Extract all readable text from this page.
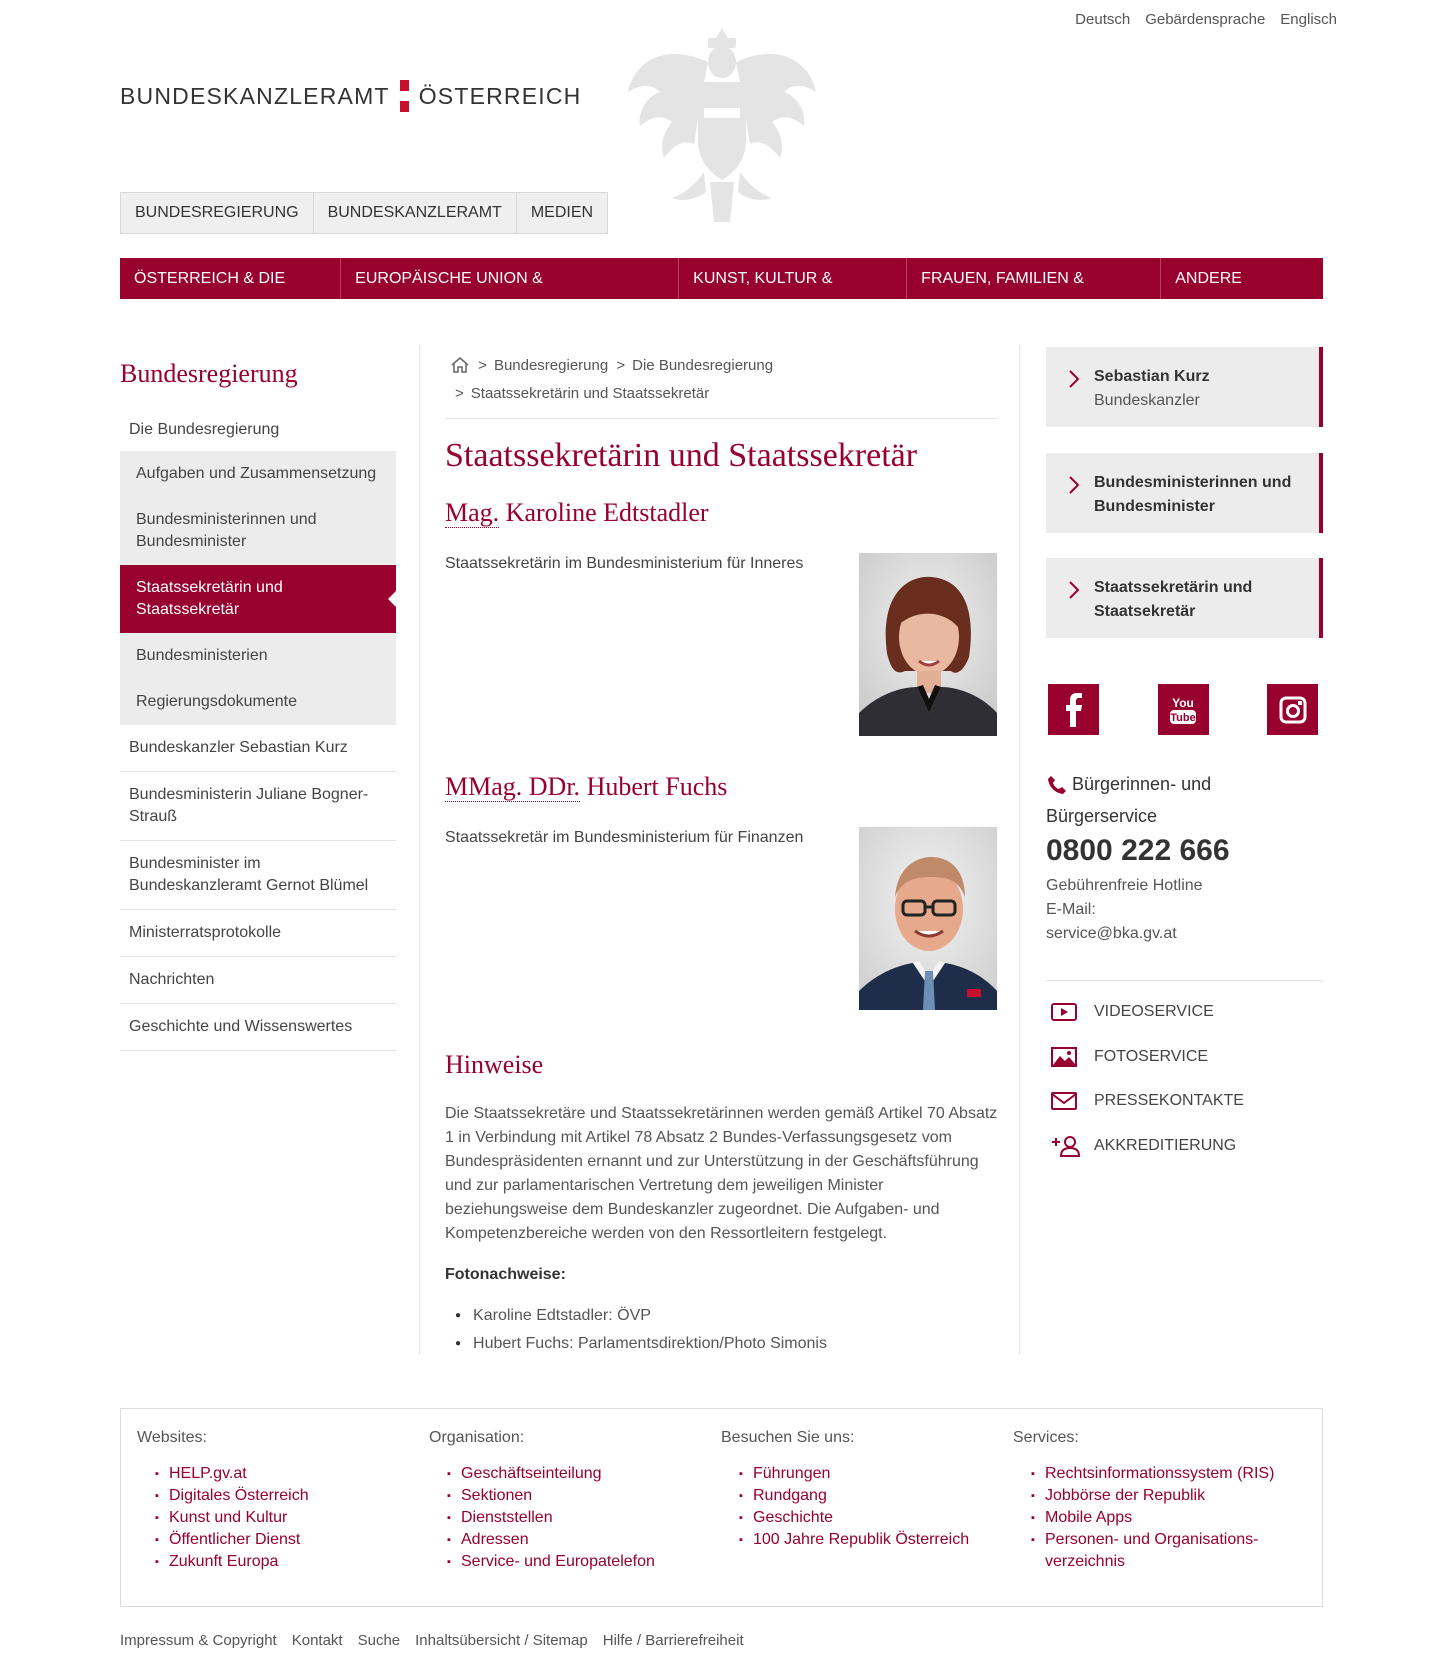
Deutsch Gebärdensprache Englisch
BUNDESKANZLERAMT ÖSTERREICH
BUNDESREGIERUNG	BUNDESKANZLERAMT	MEDIEN
ÖSTERREICH & DIE WELT
EUROPÄISCHE UNION & EUROPAPOLITIK
KUNST, KULTUR & MEDIEN
FRAUEN, FAMILIEN & JUGEND
ANDERE THEMEN
Bundesregierung
Die Bundesregierung
Aufgaben und Zusammensetzung
Bundesministerinnen und Bundesminister
Staatssekretärin und Staatssekretär
Bundesministerien
Regierungsdokumente
Bundeskanzler Sebastian Kurz
Bundesministerin Juliane Bogner-Strauß
Bundesminister im Bundeskanzleramt Gernot Blümel
Ministerratsprotokolle
Nachrichten
Geschichte und Wissenswertes
> Bundesregierung > Die Bundesregierung
> Staatssekretärin und Staatssekretär
Staatssekretärin und Staatssekretär
Mag. Karoline Edtstadler

Staatssekretärin im Bundesministerium für Inneres

MMag. DDr. Hubert Fuchs

Staatssekretär im Bundesministerium für Finanzen

Hinweise

Die Staatssekretäre und Staatssekretärinnen werden gemäß Artikel 70 Absatz 1 in Verbindung mit Artikel 78 Absatz 2 Bundes-Verfassungsgesetz vom Bundespräsidenten ernannt und zur Unterstützung in der Geschäftsführung und zur parlamentarischen Vertretung dem jeweiligen Minister beziehungsweise dem Bundeskanzler zugeordnet. Die Aufgaben- und Kompetenzbereiche werden von den Ressortleitern festgelegt.

Fotonachweise:

● Karoline Edtstadler: ÖVP
● Hubert Fuchs: Parlamentsdirektion/Photo Simonis
Sebastian Kurz
Bundeskanzler
Bundesministerinnen und Bundesminister
Staatssekretärin und Staatsekretär
You
Tube
Bürgerinnen- und Bürgerservice
0800 222 666
Gebührenfreie Hotline
E-Mail:
service@bka.gv.at
VIDEOSERVICE
FOTOSERVICE
PRESSEKONTAKTE
AKKREDITIERUNG
Websites:
▪ HELP.gv.at
▪ Digitales Österreich
▪ Kunst und Kultur
▪ Öffentlicher Dienst
▪ Zukunft Europa
Organisation:
▪ Geschäftseinteilung
▪ Sektionen
▪ Dienststellen
▪ Adressen
▪ Service- und Europatelefon
Besuchen Sie uns:
▪ Führungen
▪ Rundgang
▪ Geschichte
▪ 100 Jahre Republik Österreich
Services:
▪ Rechtsinformationssystem (RIS)
▪ Jobbörse der Republik
▪ Mobile Apps
▪ Personen- und Organisations-verzeichnis
Impressum & Copyright Kontakt Suche Inhaltsübersicht / Sitemap Hilfe / Barrierefreiheit
